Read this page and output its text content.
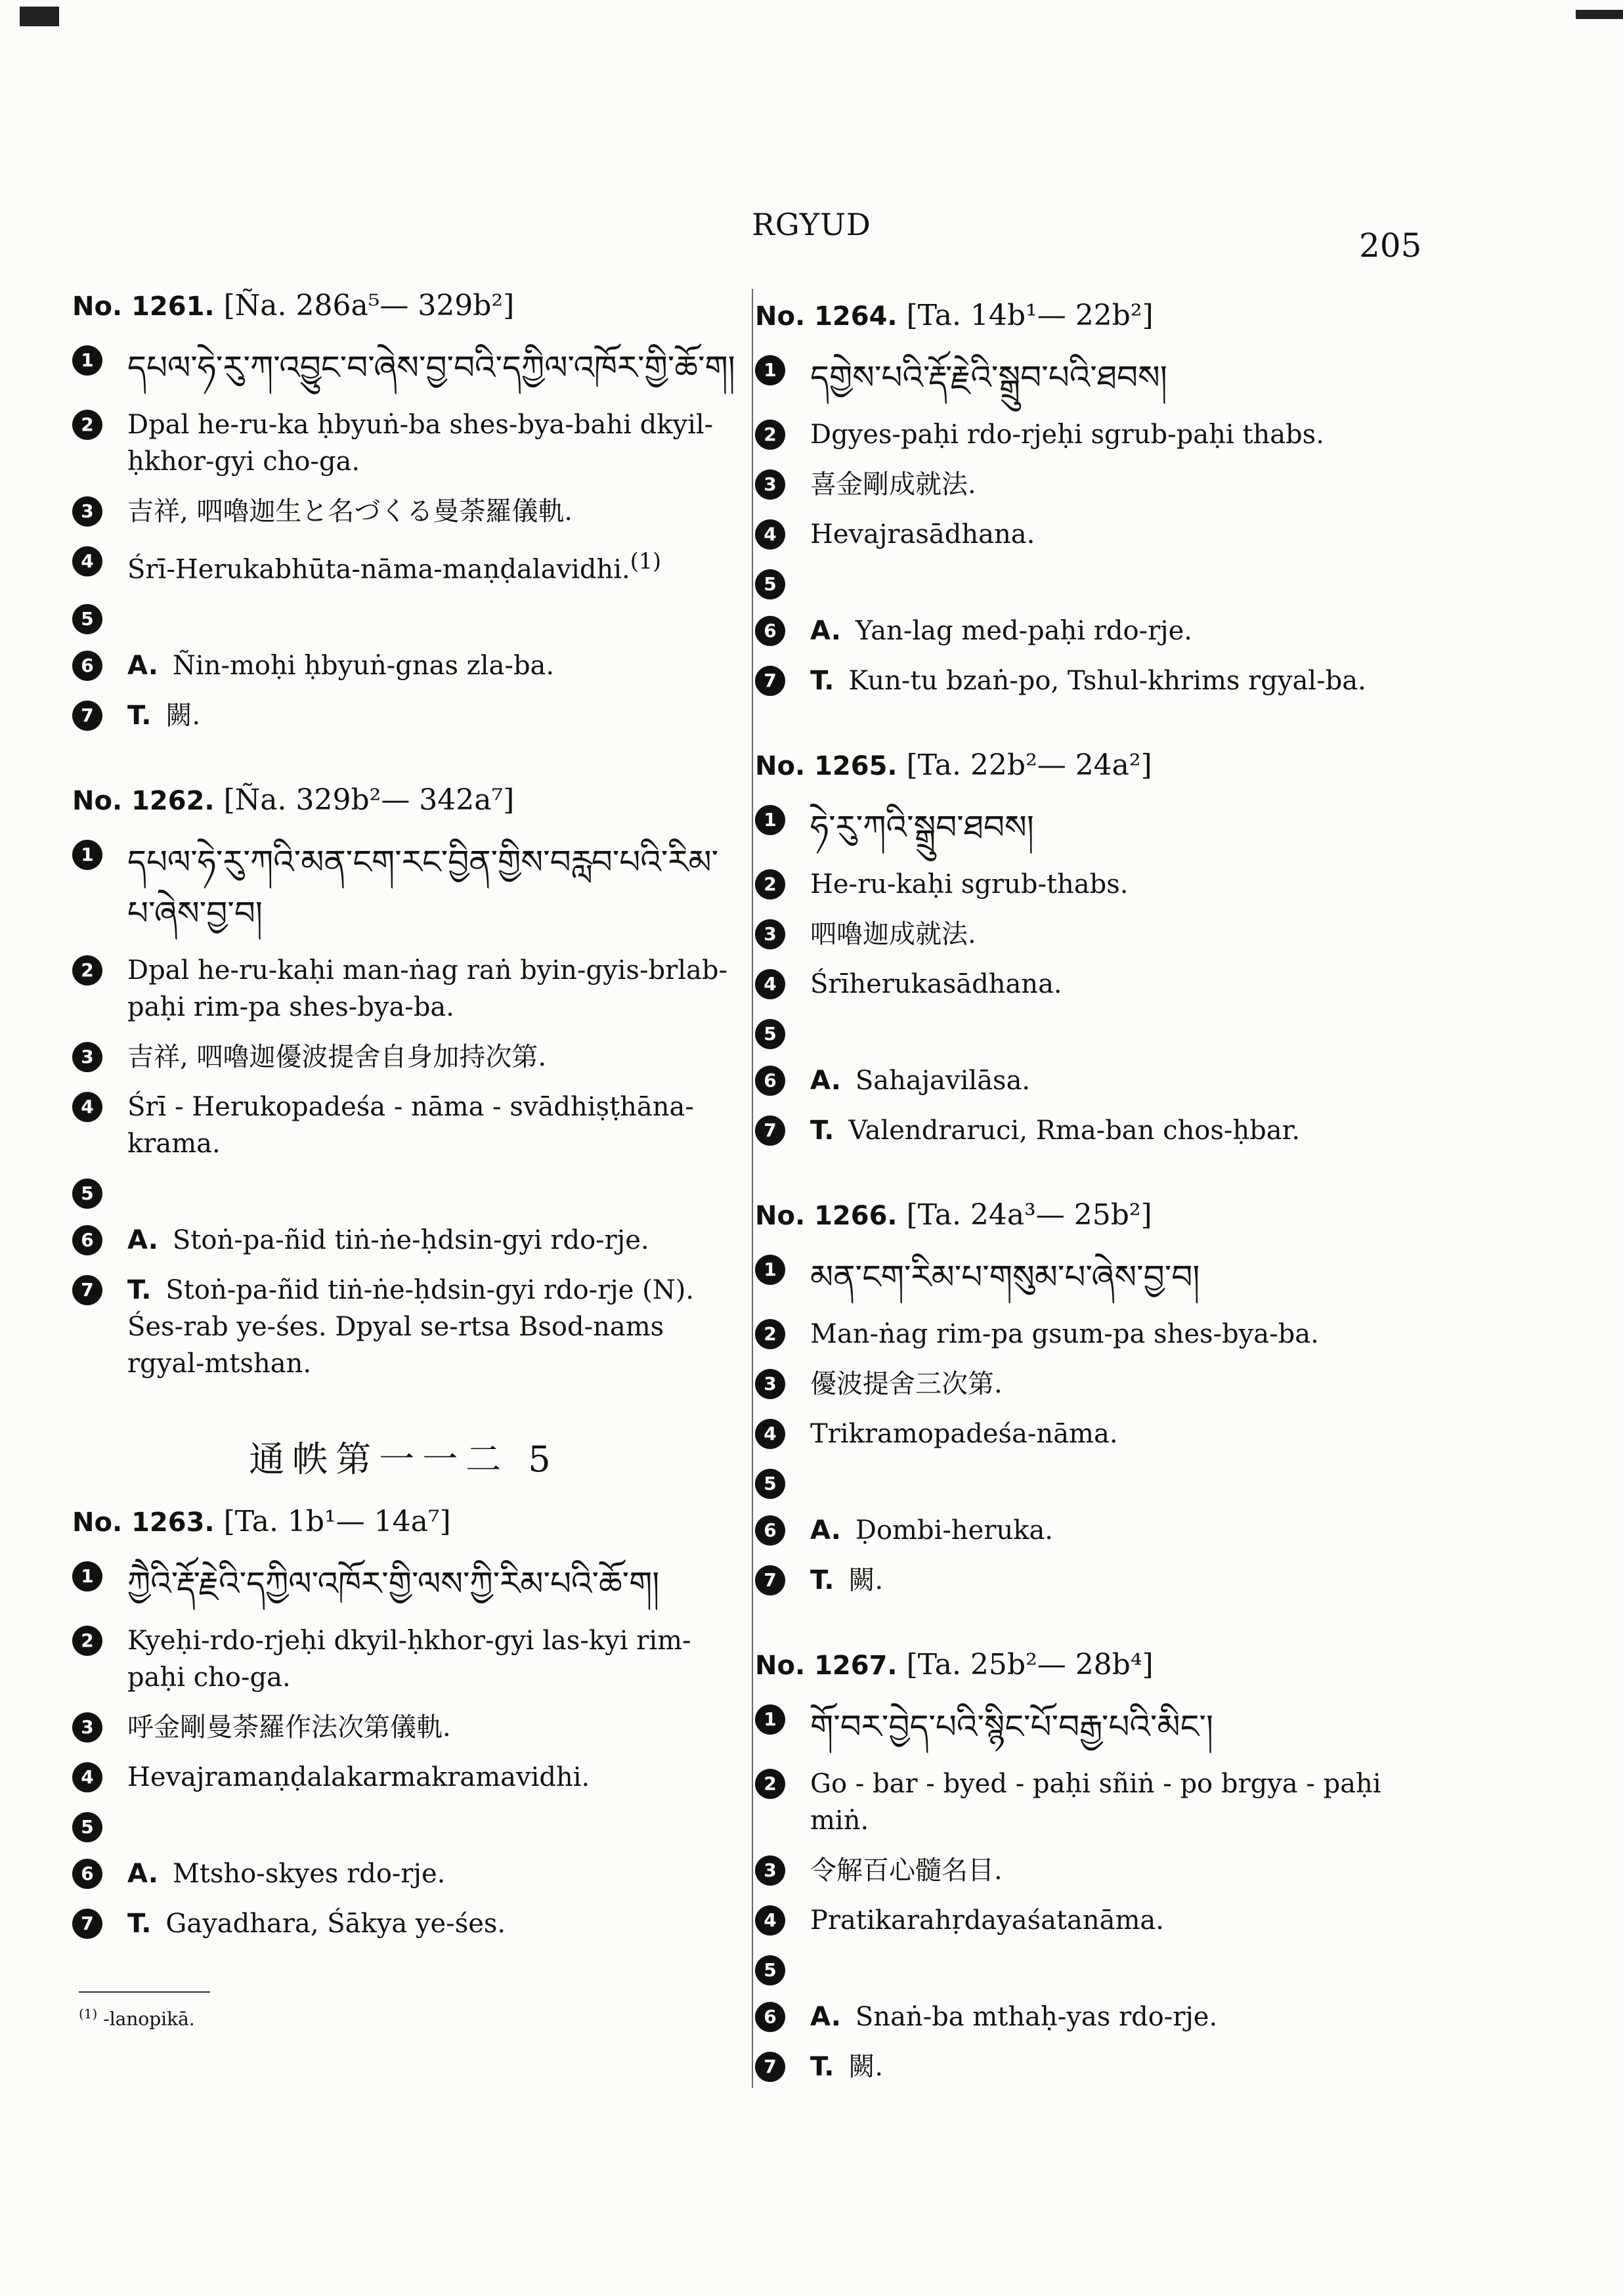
RGYUD
205
No. 1261. [Ña. 286a⁵— 329b²]
1 དཔལ་ཧེ་རུ་ཀ་འབྱུང་བ་ཞེས་བྱ་བའི་དཀྱིལ་འཁོར་གྱི་ཆོ་ག།
2	Dpal he-ru-ka ḥbyuṅ-ba shes-bya-bahi dkyil-ḥkhor-gyi cho-ga.
3	吉祥, 呬嚕迦生と名づくる曼荼羅儀軌.
4	Śrī-Herukabhūta-nāma-maṇḍalavidhi.$^{(1)}$
5
6	A. Ñin-moḥi ḥbyuṅ-gnas zla-ba.
7	T. 闕.
No. 1262. [Ña. 329b²— 342a⁷]
1 དཔལ་ཧེ་རུ་ཀའི་མན་ངག་རང་བྱིན་གྱིས་བརླབ་པའི་རིམ་པ་ཞེས་བྱ་བ།
2	Dpal he-ru-kaḥi man-ṅag raṅ byin-gyis-brlab-paḥi rim-pa shes-bya-ba.
3	吉祥, 呬嚕迦優波提舍自身加持次第.
4	Śrī - Herukopadeśa - nāma - svādhiṣṭhāna-krama.
5
6	A. Stoṅ-pa-ñid tiṅ-ṅe-ḥdsin-gyi rdo-rje.
7	T. Stoṅ-pa-ñid tiṅ-ṅe-ḥdsin-gyi rdo-rje (N). Śes-rab ye-śes. Dpyal se-rtsa Bsod-nams rgyal-mtshan.
通帙第一一二 5
No. 1263. [Ta. 1b¹— 14a⁷]
1 ཀྱཻའི་རྡོ་རྗེའི་དཀྱིལ་འཁོར་གྱི་ལས་ཀྱི་རིམ་པའི་ཆོ་ག།
2	Kyeḥi-rdo-rjeḥi dkyil-ḥkhor-gyi las-kyi rim-paḥi cho-ga.
3	呼金剛曼荼羅作法次第儀軌.
4	Hevajramaṇḍalakarmakramavidhi.
5
6	A. Mtsho-skyes rdo-rje.
7	T. Gayadhara, Śākya ye-śes.
$^{(1)}$ -lanopikā.
No. 1264. [Ta. 14b¹— 22b²]
1 དགྱེས་པའི་རྡོ་རྗེའི་སྒྲུབ་པའི་ཐབས།
2	Dgyes-paḥi rdo-rjeḥi sgrub-paḥi thabs.
3	喜金剛成就法.
4	Hevajrasādhana.
5
6	A. Yan-lag med-paḥi rdo-rje.
7	T. Kun-tu bzaṅ-po, Tshul-khrims rgyal-ba.
No. 1265. [Ta. 22b²— 24a²]
1 ཧེ་རུ་ཀའི་སྒྲུབ་ཐབས།
2	He-ru-kaḥi sgrub-thabs.
3	呬嚕迦成就法.
4	Śrīherukasādhana.
5
6	A. Sahajavilāsa.
7	T. Valendraruci, Rma-ban chos-ḥbar.
No. 1266. [Ta. 24a³— 25b²]
1 མན་ངག་རིམ་པ་གསུམ་པ་ཞེས་བྱ་བ།
2	Man-ṅag rim-pa gsum-pa shes-bya-ba.
3	優波提舍三次第.
4	Trikramopadeśa-nāma.
5
6	A. Ḍombi-heruka.
7	T. 闕.
No. 1267. [Ta. 25b²— 28b⁴]
1 གོ་བར་བྱེད་པའི་སྙིང་པོ་བརྒྱ་པའི་མིང་།
2	Go - bar - byed - paḥi sñiṅ - po brgya - paḥi miṅ.
3	令解百心髓名目.
4	Pratikarahṛdayaśatanāma.
5
6	A. Snaṅ-ba mthaḥ-yas rdo-rje.
7	T. 闕.
